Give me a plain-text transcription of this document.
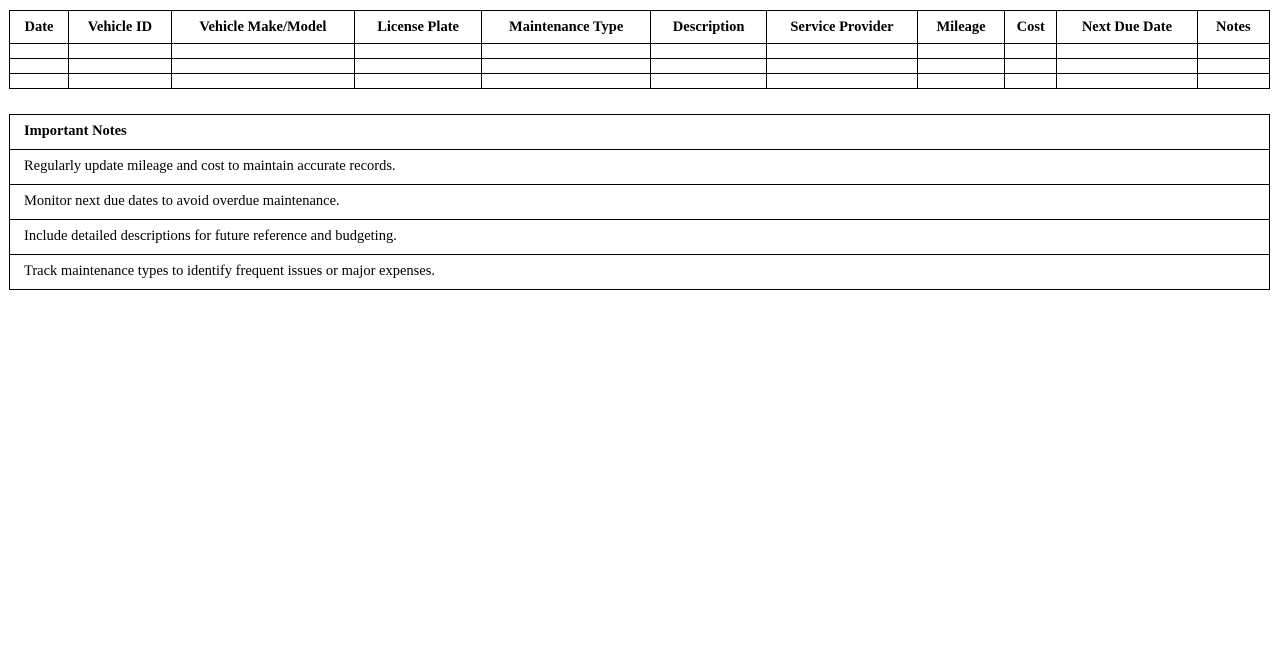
Date	Vehicle ID	Vehicle Make/Model	License Plate	Maintenance Type	Description	Service Provider	Mileage	Cost	Next Due Date	Notes

Important Notes
Regularly update mileage and cost to maintain accurate records.
Monitor next due dates to avoid overdue maintenance.
Include detailed descriptions for future reference and budgeting.
Track maintenance types to identify frequent issues or major expenses.
